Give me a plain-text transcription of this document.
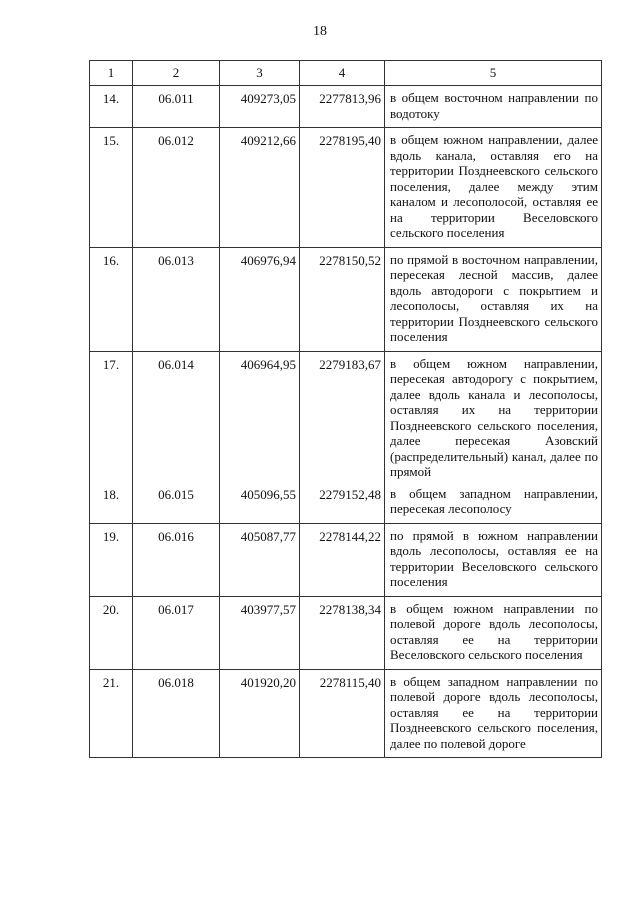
18
1	2	3	4	5
14.	06.011	409273,05	2277813,96	в общем восточном направлении по водотоку
15.	06.012	409212,66	2278195,40	в общем южном направлении, далее вдоль канала, оставляя его на территории Позднеевского сельского поселения, далее между этим каналом и лесополосой, оставляя ее на территории Веселовского сельского поселения
16.	06.013	406976,94	2278150,52	по прямой в восточном направлении, пересекая лесной массив, далее вдоль автодороги с покрытием и лесополосы, оставляя их на территории Позднеевского сельского поселения
17.	06.014	406964,95	2279183,67	в общем южном направлении, пересекая автодорогу с покрытием, далее вдоль канала и лесополосы, оставляя их на территории Позднеевского сельского поселения, далее пересекая Азовский (распределительный) канал, далее по прямой
18.	06.015	405096,55	2279152,48	в общем западном направлении, пересекая лесополосу
19.	06.016	405087,77	2278144,22	по прямой в южном направлении вдоль лесополосы, оставляя ее на территории Веселовского сельского поселения
20.	06.017	403977,57	2278138,34	в общем южном направлении по полевой дороге вдоль лесополосы, оставляя ее на территории Веселовского сельского поселения
21.	06.018	401920,20	2278115,40	в общем западном направлении по полевой дороге вдоль лесополосы, оставляя ее на территории Позднеевского сельского поселения, далее по полевой дороге
